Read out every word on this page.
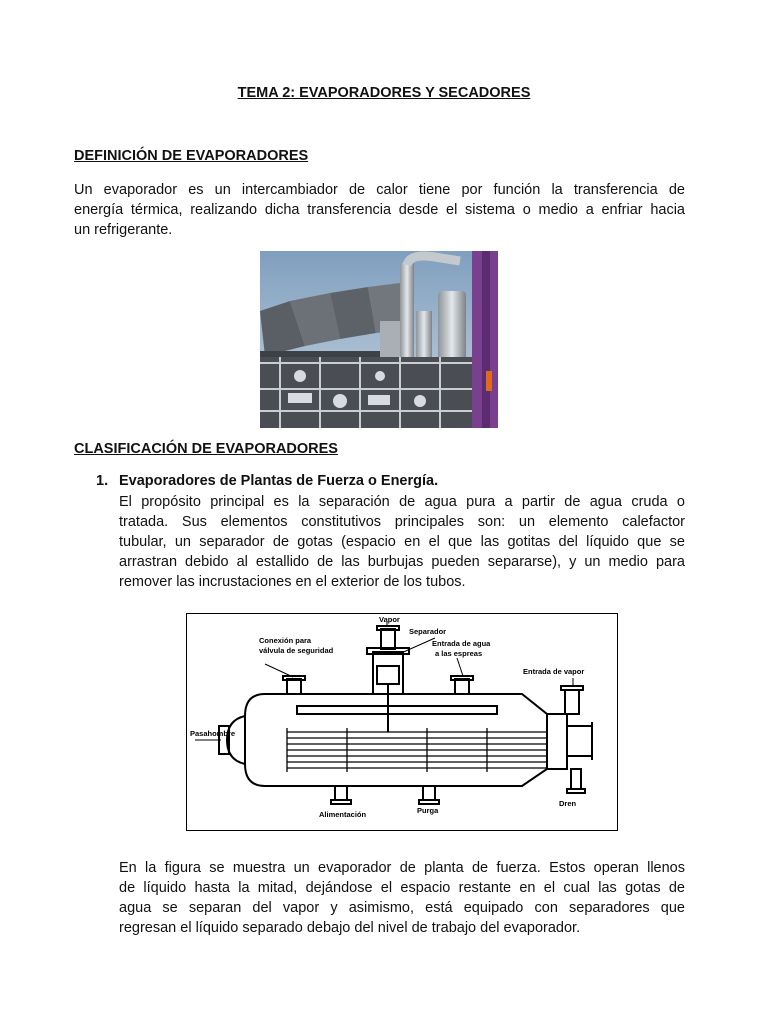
TEMA 2: EVAPORADORES Y SECADORES
DEFINICIÓN DE EVAPORADORES
Un evaporador es un intercambiador de calor tiene por función la transferencia de
energía térmica, realizando dicha transferencia desde el sistema o medio a enfriar hacia
un refrigerante.
CLASIFICACIÓN DE EVAPORADORES
1. Evaporadores de Plantas de Fuerza o Energía.
El propósito principal es la separación de agua pura a partir de agua cruda o
tratada. Sus elementos constitutivos principales son: un elemento calefactor
tubular, un separador de gotas (espacio en el que las gotitas del líquido que se
arrastran debido al estallido de las burbujas pueden separarse), y un medio para
remover las incrustaciones en el exterior de los tubos.
Vapor
Separador
Conexión para
válvula de seguridad
Entrada de agua
a las espreas
Entrada de vapor
Pasahombre
Alimentación	Purga
Dren
En la figura se muestra un evaporador de planta de fuerza. Estos operan llenos
de líquido hasta la mitad, dejándose el espacio restante en el cual las gotas de
agua se separan del vapor y asimismo, está equipado con separadores que
regresan el líquido separado debajo del nivel de trabajo del evaporador.
